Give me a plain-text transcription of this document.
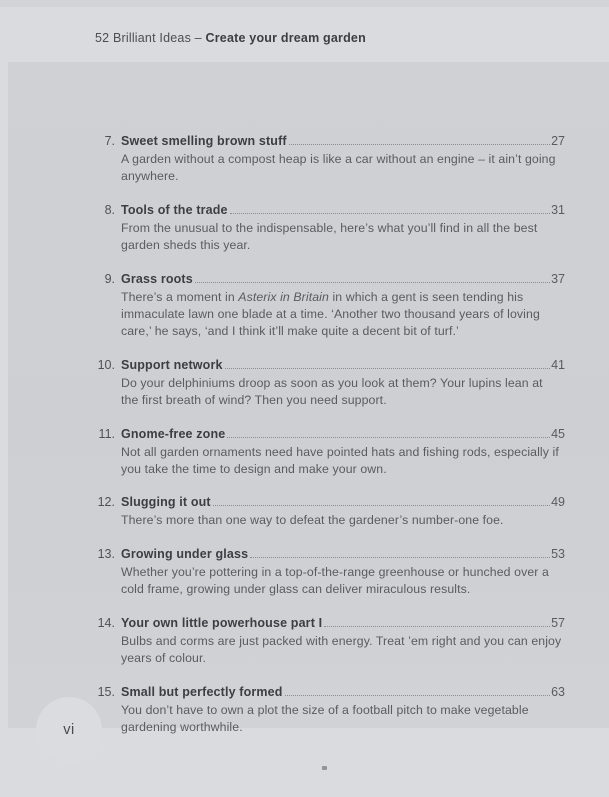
52 Brilliant Ideas – Create your dream garden
7. Sweet smelling brown stuff	27
A garden without a compost heap is like a car without an engine – it ain’t going anywhere.
8. Tools of the trade	31
From the unusual to the indispensable, here’s what you’ll find in all the best garden sheds this year.
9. Grass roots	37
There’s a moment in Asterix in Britain in which a gent is seen tending his immaculate lawn one blade at a time. ‘Another two thousand years of loving care,’ he says, ‘and I think it’ll make quite a decent bit of turf.’
10. Support network	41
Do your delphiniums droop as soon as you look at them? Your lupins lean at the first breath of wind? Then you need support.
11. Gnome-free zone	45
Not all garden ornaments need have pointed hats and fishing rods, especially if you take the time to design and make your own.
12. Slugging it out	49
There’s more than one way to defeat the gardener’s number-one foe.
13. Growing under glass	53
Whether you’re pottering in a top-of-the-range greenhouse or hunched over a cold frame, growing under glass can deliver miraculous results.
14. Your own little powerhouse part I	57
Bulbs and corms are just packed with energy. Treat ’em right and you can enjoy years of colour.
15. Small but perfectly formed	63
You don’t have to own a plot the size of a football pitch to make vegetable gardening worthwhile.
vi
